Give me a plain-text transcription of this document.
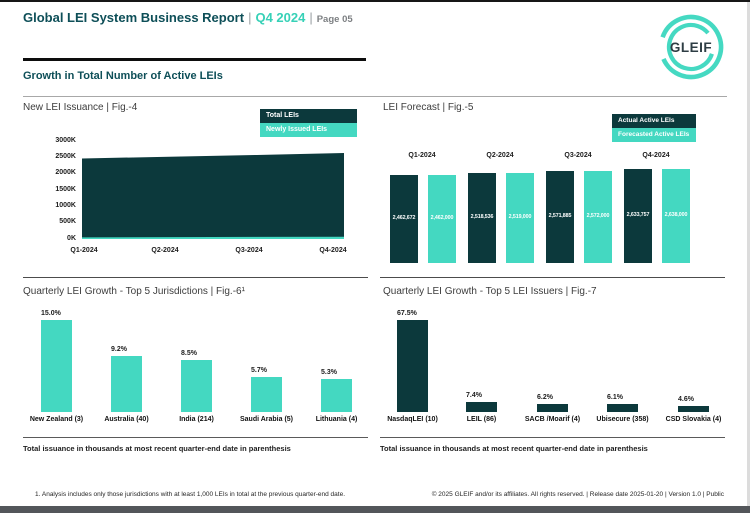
Global LEI System Business Report | Q4 2024 | Page 05
GLEIF
Growth in Total Number of Active LEIs
New LEI Issuance | Fig.-4
3000K
2500K
2000K
1500K
1000K
500K
0K
Q1-2024	Q2-2024	Q3-2024	Q4-2024
Total LEIs
Newly Issued LEIs
LEI Forecast | Fig.-5
Actual Active LEIs
Forecasted Active LEIs
Q1-2024	Q2-2024	Q3-2024	Q4-2024
2,462,672	2,518,536	2,571,885	2,633,757
2,462,000	2,519,000	2,572,000	2,638,000
Quarterly LEI Growth - Top 5 Jurisdictions | Fig.-6¹
15.0%
New Zealand (3)
9.2%
Australia (40)
8.5%
India (214)
5.7%
Saudi Arabia (5)
5.3%
Lithuania (4)
Quarterly LEI Growth - Top 5 LEI Issuers | Fig.-7
67.5%
NasdaqLEI (10)
7.4%
LEIL (86)
6.2%
SACB /Moarif (4)
6.1%
Ubisecure (358)
4.6%
CSD Slovakia (4)
Total issuance in thousands at most recent quarter-end date in parenthesis	Total issuance in thousands at most recent quarter-end date in parenthesis
1. Analysis includes only those jurisdictions with at least 1,000 LEIs in total at the previous quarter-end date.	© 2025 GLEIF and/or its affiliates. All rights reserved. | Release date 2025-01-20 | Version 1.0 | Public
